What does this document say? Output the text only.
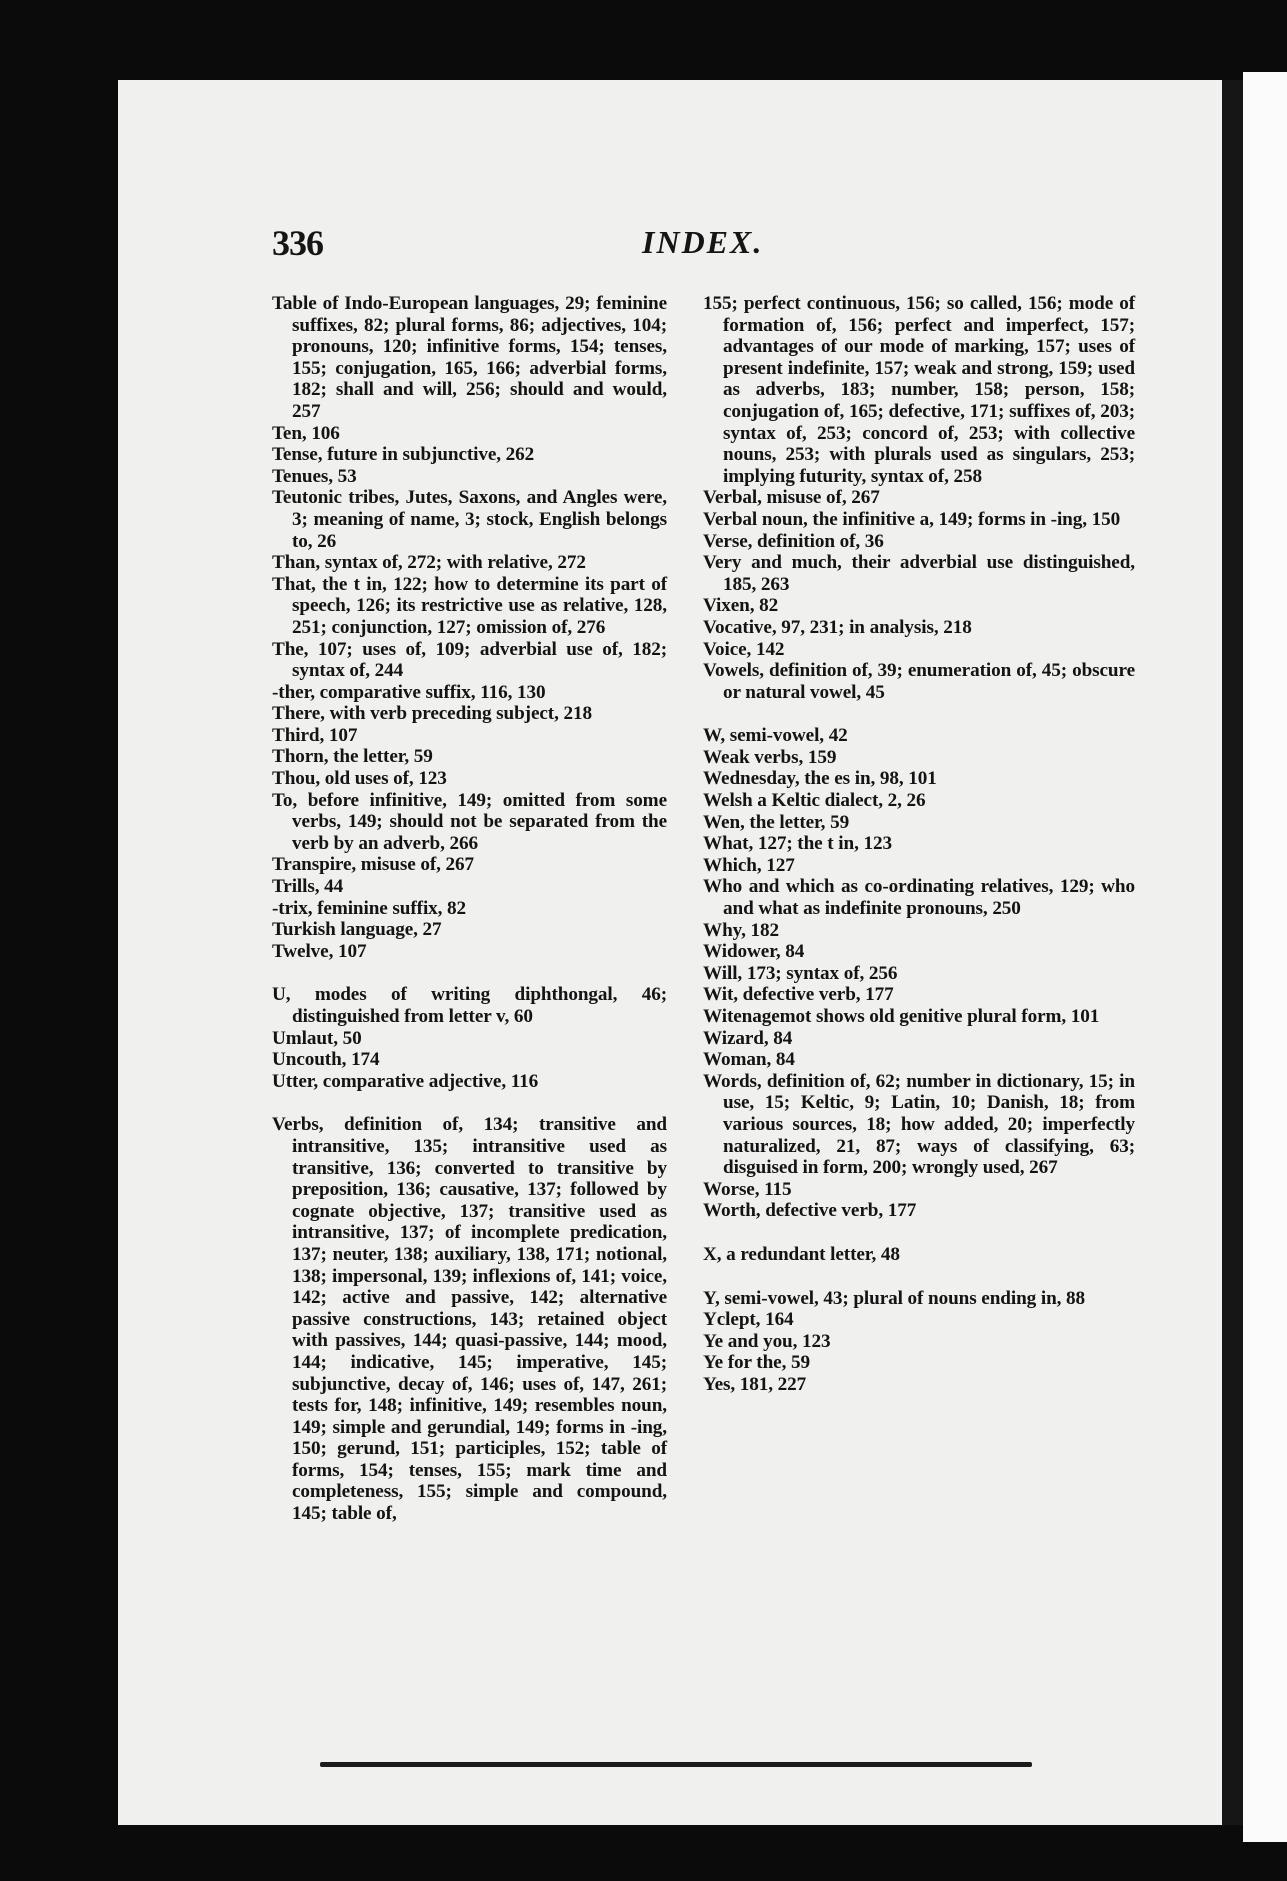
336	INDEX.
Table of Indo-European languages, 29; feminine suffixes, 82; plural forms, 86; adjectives, 104; pronouns, 120; infinitive forms, 154; tenses, 155; conjugation, 165, 166; adverbial forms, 182; shall and will, 256; should and would, 257
Ten, 106
Tense, future in subjunctive, 262
Tenues, 53
Teutonic tribes, Jutes, Saxons, and Angles were, 3; meaning of name, 3; stock, English belongs to, 26
Than, syntax of, 272; with relative, 272
That, the t in, 122; how to determine its part of speech, 126; its restrictive use as relative, 128, 251; conjunction, 127; omission of, 276
The, 107; uses of, 109; adverbial use of, 182; syntax of, 244
-ther, comparative suffix, 116, 130
There, with verb preceding subject, 218
Third, 107
Thorn, the letter, 59
Thou, old uses of, 123
To, before infinitive, 149; omitted from some verbs, 149; should not be separated from the verb by an adverb, 266
Transpire, misuse of, 267
Trills, 44
-trix, feminine suffix, 82
Turkish language, 27
Twelve, 107
U, modes of writing diphthongal, 46; distinguished from letter v, 60
Umlaut, 50
Uncouth, 174
Utter, comparative adjective, 116
Verbs, definition of, 134; transitive and intransitive, 135; intransitive used as transitive, 136; converted to transitive by preposition, 136; causative, 137; followed by cognate objective, 137; transitive used as intransitive, 137; of incomplete predication, 137; neuter, 138; auxiliary, 138, 171; notional, 138; impersonal, 139; inflexions of, 141; voice, 142; active and passive, 142; alternative passive constructions, 143; retained object with passives, 144; quasi-passive, 144; mood, 144; indicative, 145; imperative, 145; subjunctive, decay of, 146; uses of, 147, 261; tests for, 148; infinitive, 149; resembles noun, 149; simple and gerundial, 149; forms in -ing, 150; gerund, 151; participles, 152; table of forms, 154; tenses, 155; mark time and completeness, 155; simple and compound, 145; table of,
155; perfect continuous, 156; so called, 156; mode of formation of, 156; perfect and imperfect, 157; advantages of our mode of marking, 157; uses of present indefinite, 157; weak and strong, 159; used as adverbs, 183; number, 158; person, 158; conjugation of, 165; defective, 171; suffixes of, 203; syntax of, 253; concord of, 253; with collective nouns, 253; with plurals used as singulars, 253; implying futurity, syntax of, 258
Verbal, misuse of, 267
Verbal noun, the infinitive a, 149; forms in -ing, 150
Verse, definition of, 36
Very and much, their adverbial use distinguished, 185, 263
Vixen, 82
Vocative, 97, 231; in analysis, 218
Voice, 142
Vowels, definition of, 39; enumeration of, 45; obscure or natural vowel, 45
W, semi-vowel, 42
Weak verbs, 159
Wednesday, the es in, 98, 101
Welsh a Keltic dialect, 2, 26
Wen, the letter, 59
What, 127; the t in, 123
Which, 127
Who and which as co-ordinating relatives, 129; who and what as indefinite pronouns, 250
Why, 182
Widower, 84
Will, 173; syntax of, 256
Wit, defective verb, 177
Witenagemot shows old genitive plural form, 101
Wizard, 84
Woman, 84
Words, definition of, 62; number in dictionary, 15; in use, 15; Keltic, 9; Latin, 10; Danish, 18; from various sources, 18; how added, 20; imperfectly naturalized, 21, 87; ways of classifying, 63; disguised in form, 200; wrongly used, 267
Worse, 115
Worth, defective verb, 177
X, a redundant letter, 48
Y, semi-vowel, 43; plural of nouns ending in, 88
Yclept, 164
Ye and you, 123
Ye for the, 59
Yes, 181, 227
